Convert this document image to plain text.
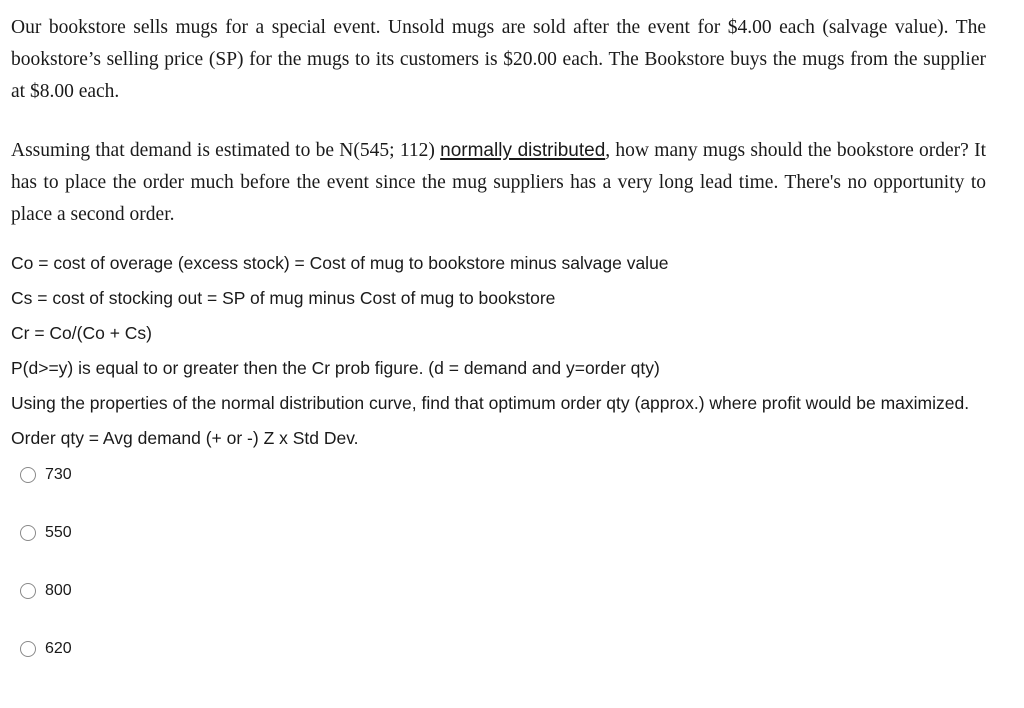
Our bookstore sells mugs for a special event. Unsold mugs are sold after the event for $4.00 each (salvage value). The bookstore’s selling price (SP) for the mugs to its customers is $20.00 each. The Bookstore buys the mugs from the supplier at $8.00 each.

Assuming that demand is estimated to be N(545; 112) normally distributed, how many mugs should the bookstore order? It has to place the order much before the event since the mug suppliers has a very long lead time. There's no opportunity to place a second order.

Co = cost of overage (excess stock) = Cost of mug to bookstore minus salvage value
Cs = cost of stocking out = SP of mug minus Cost of mug to bookstore
Cr = Co/(Co + Cs)
P(d>=y) is equal to or greater then the Cr prob figure. (d = demand and y=order qty)
Using the properties of the normal distribution curve, find that optimum order qty (approx.) where profit would be maximized.
Order qty = Avg demand (+ or -) Z x Std Dev.
730
550
800
620
